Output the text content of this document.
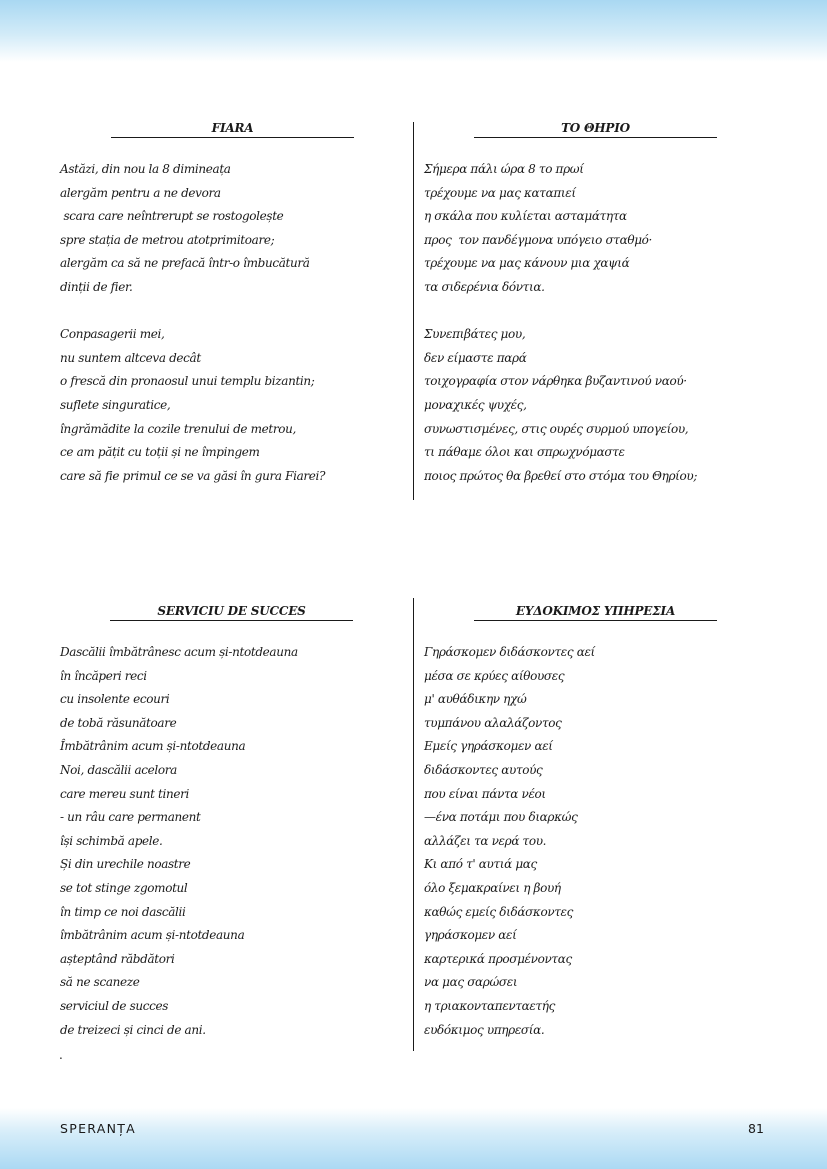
FIARA
Astăzi, din nou la 8 dimineața
alergăm pentru a ne devora
scara care neîntrerupt se rostogolește
spre stația de metrou atotprimitoare;
alergăm ca să ne prefacă într-o îmbucătură
dinții de fier.
Conpasagerii mei,
nu suntem altceva decât
o frescă din pronaosul unui templu bizantin;
suflete singuratice,
îngrămădite la cozile trenului de metrou,
ce am pățit cu toții și ne împingem
care să fie primul ce se va găsi în gura Fiarei?
ΤΟ ΘΗΡΙΟ
Σήμερα πάλι ώρα 8 το πρωί
τρέχουμε να μας καταπιεί
η σκάλα που κυλίεται ασταμάτητα
προς  τον πανδέγμονα υπόγειο σταθμό·
τρέχουμε να μας κάνουν μια χαψιά
τα σιδερένια δόντια.
Συνεπιβάτες μου,
δεν είμαστε παρά
τοιχογραφία στον νάρθηκα βυζαντινού ναού·
μοναχικές ψυχές,
συνωστισμένες, στις ουρές συρμού υπογείου,
τι πάθαμε όλοι και σπρωχνόμαστε
ποιος πρώτος θα βρεθεί στο στόμα του Θηρίου;
SERVICIU DE SUCCES
Dascălii îmbătrânesc acum și-ntotdeauna
în încăperi reci
cu insolente ecouri
de tobă răsunătoare
Îmbătrânim acum și-ntotdeauna
Noi, dascălii acelora
care mereu sunt tineri
- un râu care permanent
își schimbă apele.
Și din urechile noastre
se tot stinge zgomotul
în timp ce noi dascălii
îmbătrânim acum și-ntotdeauna
așteptând răbdători
să ne scaneze
serviciul de succes
de treizeci și cinci de ani.
.
ΕΥΔΟΚΙΜΟΣ ΥΠΗΡΕΣΙΑ
Γηράσκομεν διδάσκοντες αεί
μέσα σε κρύες αίθουσες
μ' αυθάδικην ηχώ
τυμπάνου αλαλάζοντος
Εμείς γηράσκομεν αεί
διδάσκοντες αυτούς
που είναι πάντα νέοι
—ένα ποτάμι που διαρκώς
αλλάζει τα νερά του.
Κι από τ' αυτιά μας
όλο ξεμακραίνει η βουή
καθώς εμείς διδάσκοντες
γηράσκομεν αεί
καρτερικά προσμένοντας
να μας σαρώσει
η τριακονταπενταετής
ευδόκιμος υπηρεσία.
SPERANȚA	81
